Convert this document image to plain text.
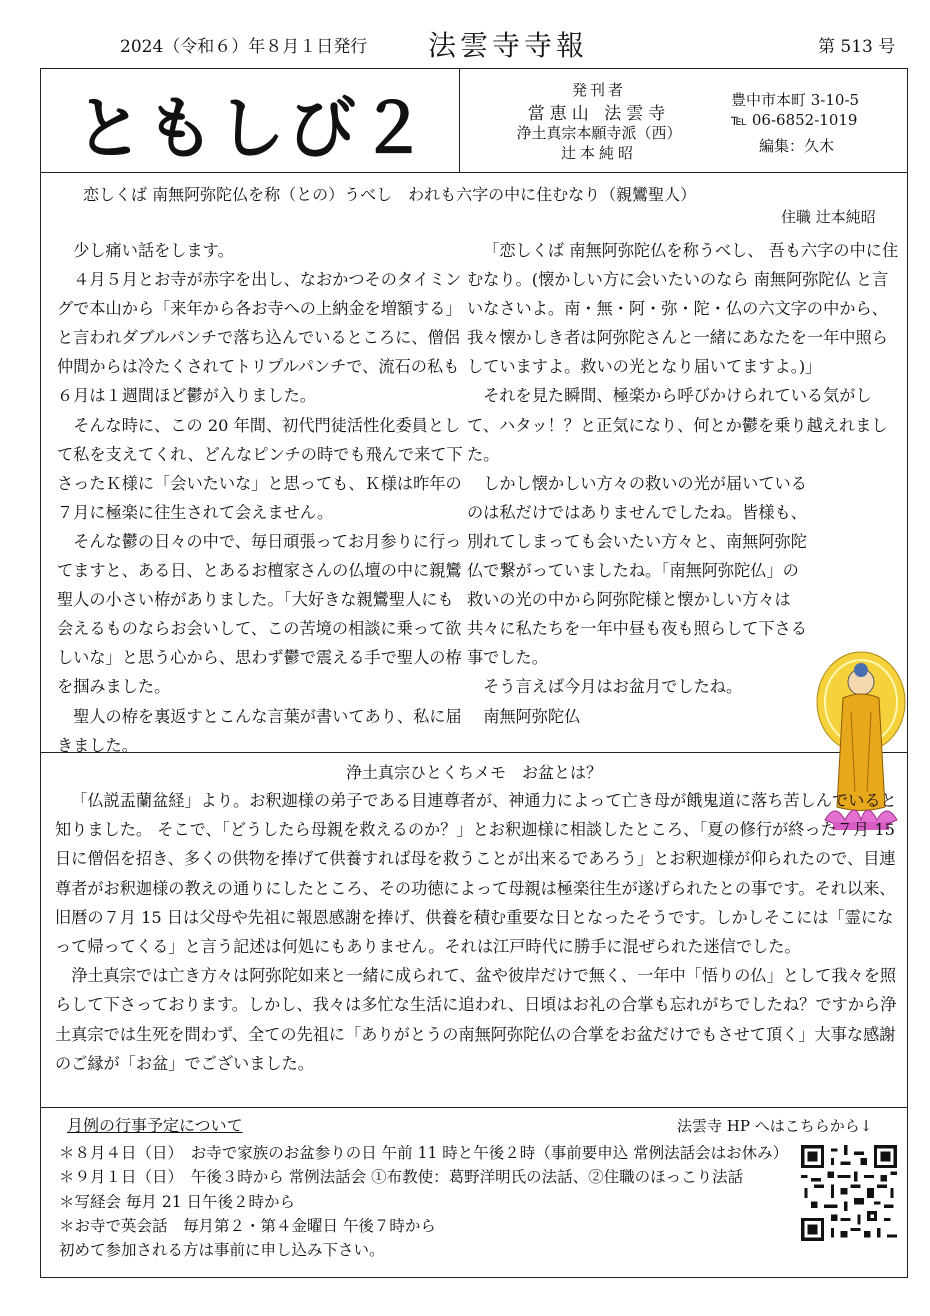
2024（令和６）年８月１日発行 法雲寺寺報	第 513 号
ともしび２	発刊者
當恵山 法雲寺
浄土真宗本願寺派（西）
辻本純昭
豊中市本町 3-10-5
℡ 06-6852-1019
編集：久木
恋しくば 南無阿弥陀仏を称（との）うべし　われも六字の中に住むなり（親鸞聖人）
住職 辻本純昭

少し痛い話をします。

４月５月とお寺が赤字を出し、なおかつそのタイミングで本山から「来年から各お寺への上納金を増額する」と言われダブルパンチで落ち込んでいるところに、僧侶仲間からは冷たくされてトリプルパンチで、流石の私も６月は１週間ほど鬱が入りました。

そんな時に、この 20 年間、初代門徒活性化委員として私を支えてくれ、どんなピンチの時でも飛んで来て下さったＫ様に「会いたいな」と思っても、Ｋ様は昨年の７月に極楽に往生されて会えません。

そんな鬱の日々の中で、毎日頑張ってお月参りに行ってますと、ある日、とあるお檀家さんの仏壇の中に親鸞聖人の小さい栫がありました。「大好きな親鸞聖人にも会えるものならお会いして、この苦境の相談に乗って欲しいな」と思う心から、思わず鬱で震える手で聖人の栫を掴みました。

聖人の栫を裏返すとこんな言葉が書いてあり、私に届きました。

「恋しくば 南無阿弥陀仏を称うべし、 吾も六字の中に住むなり。(懐かしい方に会いたいのなら 南無阿弥陀仏 と言いなさいよ。南・無・阿・弥・陀・仏の六文字の中から、我々懐かしき者は阿弥陀さんと一緒にあなたを一年中照らしていますよ。救いの光となり届いてますよ。)」

それを見た瞬間、極楽から呼びかけられている気がして、ハタッ！？と正気になり、何とか鬱を乗り越えれました。

しかし懐かしい方々の救いの光が届いているのは私だけではありませんでしたね。皆様も、別れてしまっても会いたい方々と、南無阿弥陀仏で繋がっていましたね。「南無阿弥陀仏」の救いの光の中から阿弥陀様と懐かしい方々は共々に私たちを一年中昼も夜も照らして下さる事でした。

そう言えば今月はお盆月でしたね。

南無阿弥陀仏

浄土真宗ひとくちメモ　お盆とは？

「仏説盂蘭盆経」より。お釈迦様の弟子である目連尊者が、神通力によって亡き母が餓鬼道に落ち苦しんでいると知りました。 そこで、「どうしたら母親を救えるのか？」とお釈迦様に相談したところ、「夏の修行が終った７月 15 日に僧侶を招き、多くの供物を捧げて供養すれば母を救うことが出来るであろう」とお釈迦様が仰られたので、目連尊者がお釈迦様の教えの通りにしたところ、その功徳によって母親は極楽往生が遂げられたとの事です。それ以来、旧暦の７月 15 日は父母や先祖に報恩感謝を捧げ、供養を積む重要な日となったそうです。しかしそこには「霊になって帰ってくる」と言う記述は何処にもありません。それは江戸時代に勝手に混ぜられた迷信でした。

浄土真宗では亡き方々は阿弥陀如来と一緒に成られて、盆や彼岸だけで無く、一年中「悟りの仏」として我々を照らして下さっております。しかし、我々は多忙な生活に追われ、日頃はお礼の合掌も忘れがちでしたね？ですから浄土真宗では生死を問わず、全ての先祖に「ありがとうの南無阿弥陀仏の合掌をお盆だけでもさせて頂く」大事な感謝のご縁が「お盆」でございました。

月例の行事予定について	法雲寺 HP へはこちらから↓
＊８月４日（日）　お寺で家族のお盆参りの日 午前 11 時と午後２時（事前要申込 常例法話会はお休み）
＊９月１日（日）　午後３時から 常例法話会 ①布教使：葛野洋明氏の法話、②住職のほっこり法話
＊写経会 毎月 21 日午後２時から
＊お寺で英会話　毎月第２・第４金曜日 午後７時から
初めて参加される方は事前に申し込み下さい。
